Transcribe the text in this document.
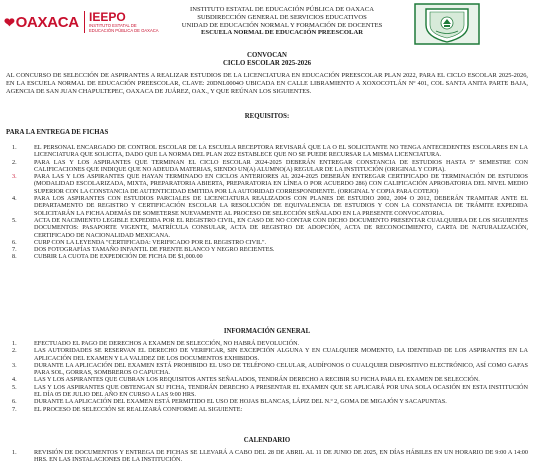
❤OAXACA IEEPO
INSTITUTO ESTATAL DE EDUCACIÓN PÚBLICA DE OAXACA
INSTITUTO ESTATAL DE EDUCACIÓN PÚBLICA DE OAXACA
SUBDIRECCIÓN GENERAL DE SERVICIOS EDUCATIVOS
UNIDAD DE EDUCACIÓN NORMAL Y FORMACIÓN DE DOCENTES
ESCUELA NORMAL DE EDUCACIÓN PREESCOLAR
CONVOCAN
CICLO ESCOLAR 2025-2026
AL CONCURSO DE SELECCIÓN DE ASPIRANTES A REALIZAR ESTUDIOS DE LA LICENCIATURA EN EDUCACIÓN PREESCOLAR PLAN 2022, PARA EL CICLO ESCOLAR 2025-2026, EN LA ESCUELA NORMAL DE EDUCACIÓN PREESCOLAR, CLAVE: 20DNL0004O UBICADA EN CALLE LIBRAMIENTO A XOXOCOTLÁN Nº 401, COL SANTA ANITA PARTE BAJA, AGENCIA DE SAN JUAN CHAPULTEPEC, OAXACA DE JUÁREZ, OAX., Y QUE REÚNAN LOS SIGUIENTES.
REQUISITOS:
PARA LA ENTREGA DE FICHAS
1.	EL PERSONAL ENCARGADO DE CONTROL ESCOLAR DE LA ESCUELA RECEPTORA REVISARÁ QUE LA O EL SOLICITANTE NO TENGA ANTECEDENTES ESCOLARES EN LA LICENCIATURA QUE SOLICITA, DADO QUE LA NORMA DEL PLAN 2022 ESTABLECE QUE NO SE PUEDE RECURSAR LA MISMA LICENCIATURA.
2.	PARA LAS Y LOS ASPIRANTES QUE TERMINAN EL CICLO ESCOLAR 2024-2025 DEBERÁN ENTREGAR CONSTANCIA DE ESTUDIOS HASTA 5º SEMESTRE CON CALIFICACIONES QUE INDIQUE QUE NO ADEUDA MATERIAS, SIENDO UN(A) ALUMNO(A) REGULAR DE LA INSTITUCIÓN (ORIGINAL Y COPIA).
3.	PARA LAS Y LOS ASPIRANTES QUE HAYAN TERMINADO EN CICLOS ANTERIORES AL 2024-2025 DEBERÁN ENTREGAR CERTIFICADO DE TERMINACIÓN DE ESTUDIOS (MODALIDAD ESCOLARIZADA, MIXTA, PREPARATORIA ABIERTA, PREPARATORIA EN LÍNEA O POR ACUERDO 286) CON CALIFICACIÓN APROBATORIA DEL NIVEL MEDIO SUPERIOR CON LA CONSTANCIA DE AUTENTICIDAD EMITIDA POR LA AUTORIDAD CORRESPONDIENTE. (ORIGINAL Y COPIA PARA COTEJO)
4.	PARA LOS ASPIRANTES CON ESTUDIOS PARCIALES DE LICENCIATURA REALIZADOS CON PLANES DE ESTUDIO 2002, 2004 O 2012, DEBERÁN TRAMITAR ANTE EL DEPARTAMENTO DE REGISTRO Y CERTIFICACIÓN ESCOLAR LA RESOLUCIÓN DE EQUIVALENCIA DE ESTUDIOS Y CON LA CONSTANCIA DE TRÁMITE EXPEDIDA SOLICITARÁN LA FICHA ADEMÁS DE SOMETERSE NUEVAMENTE AL PROCESO DE SELECCIÓN SEÑALADO EN LA PRESENTE CONVOCATORIA.
5.	ACTA DE NACIMIENTO LEGIBLE EXPEDIDA POR EL REGISTRO CIVIL, EN CASO DE NO CONTAR CON DICHO DOCUMENTO PRESENTAR CUALQUIERA DE LOS SIGUIENTES DOCUMENTOS: PASAPORTE VIGENTE, MATRÍCULA CONSULAR, ACTA DE REGISTRO DE ADOPCIÓN, ACTA DE RECONOCIMIENTO, CARTA DE NATURALIZACIÓN, CERTIFICADO DE NACIONALIDAD MEXICANA.
6.	CURP CON LA LEYENDA "CERTIFICADA: VERIFICADO POR EL REGISTRO CIVIL".
7.	DOS FOTOGRAFÍAS TAMAÑO INFANTIL DE FRENTE BLANCO Y NEGRO RECIENTES.
8.	CUBRIR LA CUOTA DE EXPEDICIÓN DE FICHA DE $1,000.00
INFORMACIÓN GENERAL
1.	EFECTUADO EL PAGO DE DERECHOS A EXAMEN DE SELECCIÓN, NO HABRÁ DEVOLUCIÓN.
2.	LAS AUTORIDADES SE RESERVAN EL DERECHO DE VERIFICAR, SIN EXCEPCIÓN ALGUNA Y EN CUALQUIER MOMENTO, LA IDENTIDAD DE LOS ASPIRANTES EN LA APLICACIÓN DEL EXAMEN Y LA VALIDEZ DE LOS DOCUMENTOS EXHIBIDOS.
3.	DURANTE LA APLICACIÓN DEL EXAMEN ESTÁ PROHIBIDO EL USO DE TELÉFONO CELULAR, AUDÍFONOS O CUALQUIER DISPOSITIVO ELECTRÓNICO, ASÍ COMO GAFAS PARA SOL, GORRAS, SOMBREROS O CAPUCHA.
4.	LAS Y LOS ASPIRANTES QUE CUBRAN LOS REQUISITOS ANTES SEÑALADOS, TENDRÁN DERECHO A RECIBIR SU FICHA PARA EL EXAMEN DE SELECCIÓN.
5.	LAS Y LOS ASPIRANTES QUE OBTENGAN SU FICHA, TENDRÁN DERECHO A PRESENTAR EL EXAMEN QUE SE APLICARÁ POR UNA SOLA OCASIÓN EN ESTA INSTITUCIÓN EL DÍA 05 DE JULIO DEL AÑO EN CURSO A LAS 9:00 HRS.
6.	DURANTE LA APLICACIÓN DEL EXAMEN ESTÁ PERMITIDO EL USO DE HOJAS BLANCAS, LÁPIZ DEL N.º 2, GOMA DE MIGAJÓN Y SACAPUNTAS.
7.	EL PROCESO DE SELECCIÓN SE REALIZARÁ CONFORME AL SIGUIENTE:
CALENDARIO
1.	REVISIÓN DE DOCUMENTOS Y ENTREGA DE FICHAS SE LLEVARÁ A CABO DEL 28 DE ABRIL AL 11 DE JUNIO DE 2025, EN DÍAS HÁBILES EN UN HORARIO DE 9:00 A 14:00 HRS. EN LAS INSTALACIONES DE LA INSTITUCIÓN.
